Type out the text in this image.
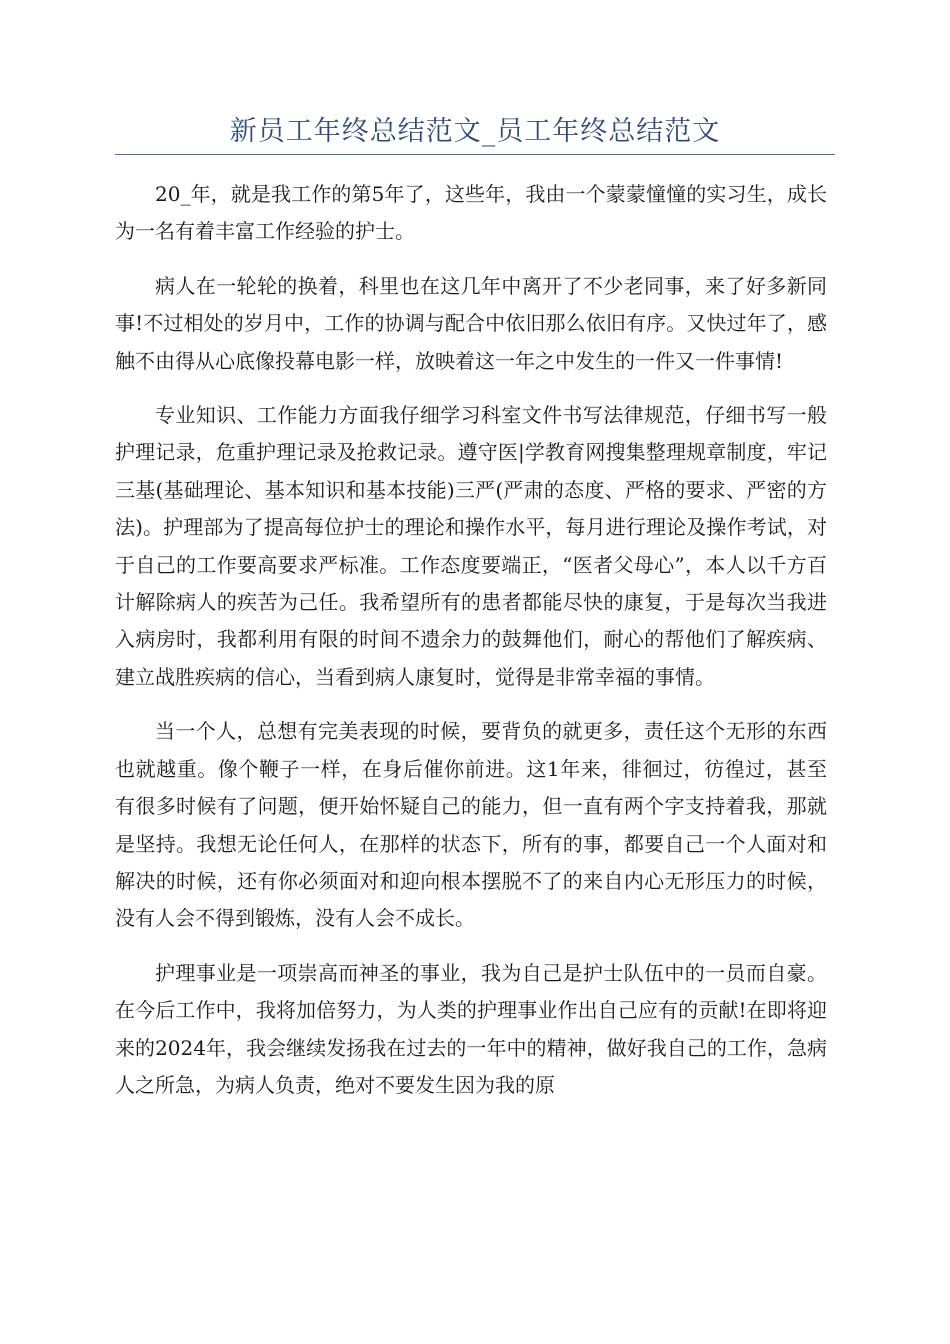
新员工年终总结范文_员工年终总结范文

20_年，就是我工作的第5年了，这些年，我由一个蒙蒙憧憧的实习生，成长为一名有着丰富工作经验的护士。

病人在一轮轮的换着，科里也在这几年中离开了不少老同事，来了好多新同事!不过相处的岁月中，工作的协调与配合中依旧那么依旧有序。又快过年了，感触不由得从心底像投幕电影一样，放映着这一年之中发生的一件又一件事情!

专业知识、工作能力方面我仔细学习科室文件书写法律规范，仔细书写一般护理记录，危重护理记录及抢救记录。遵守医|学教育网搜集整理规章制度，牢记三基(基础理论、基本知识和基本技能)三严(严肃的态度、严格的要求、严密的方法)。护理部为了提高每位护士的理论和操作水平，每月进行理论及操作考试，对于自己的工作要高要求严标准。工作态度要端正，“医者父母心”，本人以千方百计解除病人的疾苦为己任。我希望所有的患者都能尽快的康复，于是每次当我进入病房时，我都利用有限的时间不遗余力的鼓舞他们，耐心的帮他们了解疾病、建立战胜疾病的信心，当看到病人康复时，觉得是非常幸福的事情。

当一个人，总想有完美表现的时候，要背负的就更多，责任这个无形的东西也就越重。像个鞭子一样，在身后催你前进。这1年来，徘徊过，彷徨过，甚至有很多时候有了问题，便开始怀疑自己的能力，但一直有两个字支持着我，那就是坚持。我想无论任何人，在那样的状态下，所有的事，都要自己一个人面对和解决的时候，还有你必须面对和迎向根本摆脱不了的来自内心无形压力的时候，没有人会不得到锻炼，没有人会不成长。

护理事业是一项崇高而神圣的事业，我为自己是护士队伍中的一员而自豪。在今后工作中，我将加倍努力，为人类的护理事业作出自己应有的贡献!在即将迎来的2024年，我会继续发扬我在过去的一年中的精神，做好我自己的工作，急病人之所急，为病人负责，绝对不要发生因为我的原
